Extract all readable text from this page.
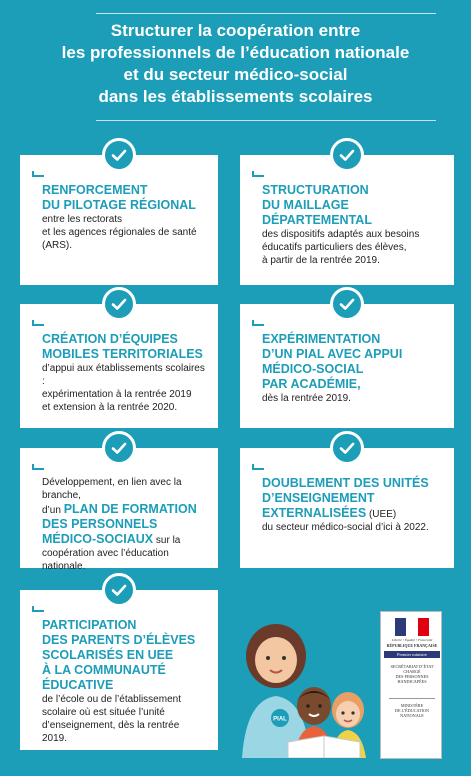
Structurer la coopération entre
les professionnels de l’éducation nationale
et du secteur médico-social
dans les établissements scolaires
RENFORCEMENT
DU PILOTAGE RÉGIONAL
entre les rectorats
et les agences régionales de santé
(ARS).
STRUCTURATION
DU MAILLAGE
DÉPARTEMENTAL
des dispositifs adaptés aux besoins
éducatifs particuliers des élèves,
à partir de la rentrée 2019.
CRÉATION D’ÉQUIPES
MOBILES TERRITORIALES
d’appui aux établissements scolaires :
expérimentation à la rentrée 2019
et extension à la rentrée 2020.
EXPÉRIMENTATION
D’UN PIAL AVEC APPUI
MÉDICO-SOCIAL
PAR ACADÉMIE,
dès la rentrée 2019.
Développement, en lien avec la branche,
d’un PLAN DE FORMATION
DES PERSONNELS
MÉDICO-SOCIAUX sur la
coopération avec l’éducation nationale.
DOUBLEMENT DES UNITÉS
D’ENSEIGNEMENT
EXTERNALISÉES (UEE)
du secteur médico-social d’ici à 2022.
PARTICIPATION
DES PARENTS D’ÉLÈVES
SCOLARISÉS EN UEE
À LA COMMUNAUTÉ
ÉDUCATIVE
de l’école ou de l’établissement
scolaire où est située l’unité
d’enseignement, dès la rentrée 2019.
PIAL
Liberté • Égalité • Fraternité
RÉPUBLIQUE FRANÇAISE
Premier ministre
SECRÉTARIAT D’ÉTAT
CHARGÉ
DES PERSONNES
HANDICAPÉES
MINISTÈRE
DE L’ÉDUCATION
NATIONALE
